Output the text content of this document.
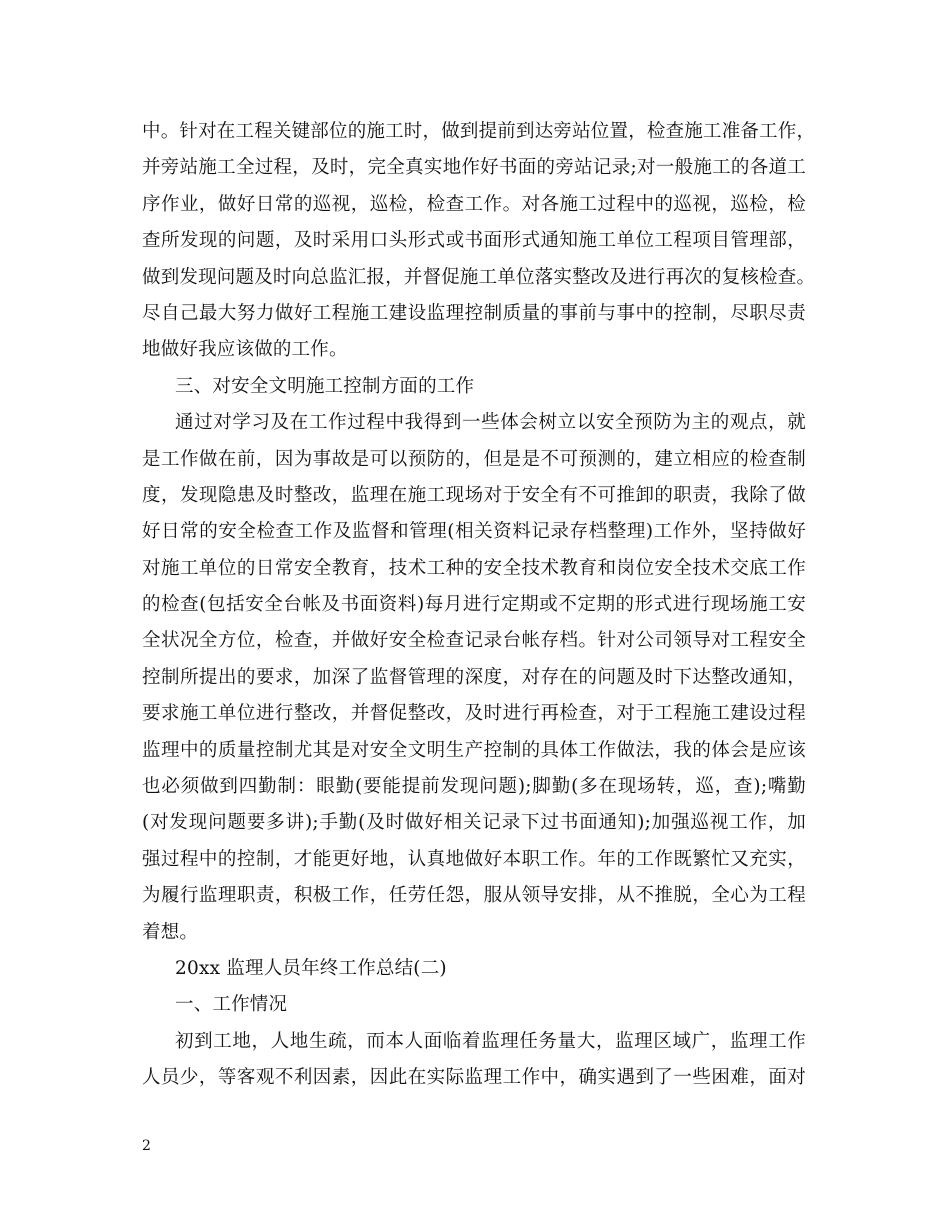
中。针对在工程关键部位的施工时，做到提前到达旁站位置，检查施工准备工作，
并旁站施工全过程，及时，完全真实地作好书面的旁站记录;对一般施工的各道工
序作业，做好日常的巡视，巡检，检查工作。对各施工过程中的巡视，巡检，检
查所发现的问题，及时采用口头形式或书面形式通知施工单位工程项目管理部，
做到发现问题及时向总监汇报，并督促施工单位落实整改及进行再次的复核检查。
尽自己最大努力做好工程施工建设监理控制质量的事前与事中的控制，尽职尽责
地做好我应该做的工作。
三、对安全文明施工控制方面的工作
通过对学习及在工作过程中我得到一些体会树立以安全预防为主的观点，就
是工作做在前，因为事故是可以预防的，但是是不可预测的，建立相应的检查制
度，发现隐患及时整改，监理在施工现场对于安全有不可推卸的职责，我除了做
好日常的安全检查工作及监督和管理(相关资料记录存档整理)工作外，坚持做好
对施工单位的日常安全教育，技术工种的安全技术教育和岗位安全技术交底工作
的检查(包括安全台帐及书面资料)每月进行定期或不定期的形式进行现场施工安
全状况全方位，检查，并做好安全检查记录台帐存档。针对公司领导对工程安全
控制所提出的要求，加深了监督管理的深度，对存在的问题及时下达整改通知，
要求施工单位进行整改，并督促整改，及时进行再检查，对于工程施工建设过程
监理中的质量控制尤其是对安全文明生产控制的具体工作做法，我的体会是应该
也必须做到四勤制：眼勤(要能提前发现问题);脚勤(多在现场转，巡，查);嘴勤
(对发现问题要多讲);手勤(及时做好相关记录下过书面通知);加强巡视工作，加
强过程中的控制，才能更好地，认真地做好本职工作。年的工作既繁忙又充实，
为履行监理职责，积极工作，任劳任怨，服从领导安排，从不推脱，全心为工程
着想。
20xx 监理人员年终工作总结(二)
一、工作情况
初到工地，人地生疏，而本人面临着监理任务量大，监理区域广，监理工作
人员少，等客观不利因素，因此在实际监理工作中，确实遇到了一些困难，面对
2
